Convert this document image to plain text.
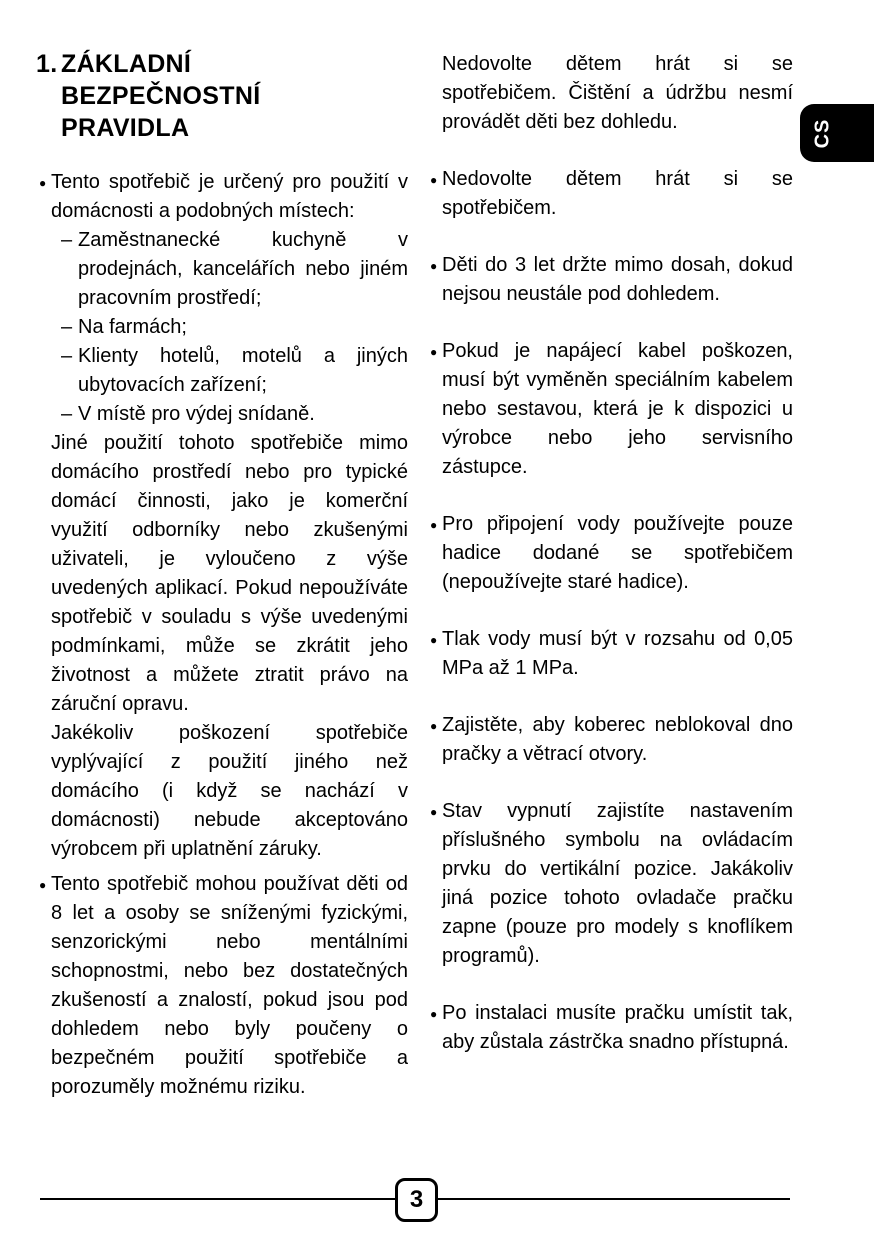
CS
1. ZÁKLADNÍ
BEZPEČNOSTNÍ
PRAVIDLA
● Tento spotřebič je určený pro použití v domácnosti a podobných místech:
– Zaměstnanecké kuchyně v prodejnách, kancelářích nebo jiném pracovním prostředí;
– Na farmách;
– Klienty hotelů, motelů a jiných ubytovacích zařízení;
– V místě pro výdej snídaně.

Jiné použití tohoto spotřebiče mimo domácího prostředí nebo pro typické domácí činnosti, jako je komerční využití odborníky nebo zkušenými uživateli, je vyloučeno z výše uvedených aplikací. Pokud nepoužíváte spotřebič v souladu s výše uvedenými podmínkami, může se zkrátit jeho životnost a můžete ztratit právo na záruční opravu.

Jakékoliv poškození spotřebiče vyplývající z použití jiného než domácího (i když se nachází v domácnosti) nebude akceptováno výrobcem při uplatnění záruky.

● Tento spotřebič mohou používat děti od 8 let a osoby se sníženými fyzickými, senzorickými nebo mentálními schopnostmi, nebo bez dostatečných zkušeností a znalostí, pokud jsou pod dohledem nebo byly poučeny o bezpečném použití spotřebiče a porozuměly možnému riziku.

Nedovolte dětem hrát si se spotřebičem. Čištění a údržbu nesmí provádět děti bez dohledu.

● Nedovolte dětem hrát si se spotřebičem.
● Děti do 3 let držte mimo dosah, dokud nejsou neustále pod dohledem.
● Pokud je napájecí kabel poškozen, musí být vyměněn speciálním kabelem nebo sestavou, která je k dispozici u výrobce nebo jeho servisního zástupce.
● Pro připojení vody používejte pouze hadice dodané se spotřebičem (nepoužívejte staré hadice).
● Tlak vody musí být v rozsahu od 0,05 MPa až 1 MPa.
● Zajistěte, aby koberec neblokoval dno pračky a větrací otvory.
● Stav vypnutí zajistíte nastavením příslušného symbolu na ovládacím prvku do vertikální pozice. Jakákoliv jiná pozice tohoto ovladače pračku zapne (pouze pro modely s knoflíkem programů).
● Po instalaci musíte pračku umístit tak, aby zůstala zástrčka snadno přístupná.
3
